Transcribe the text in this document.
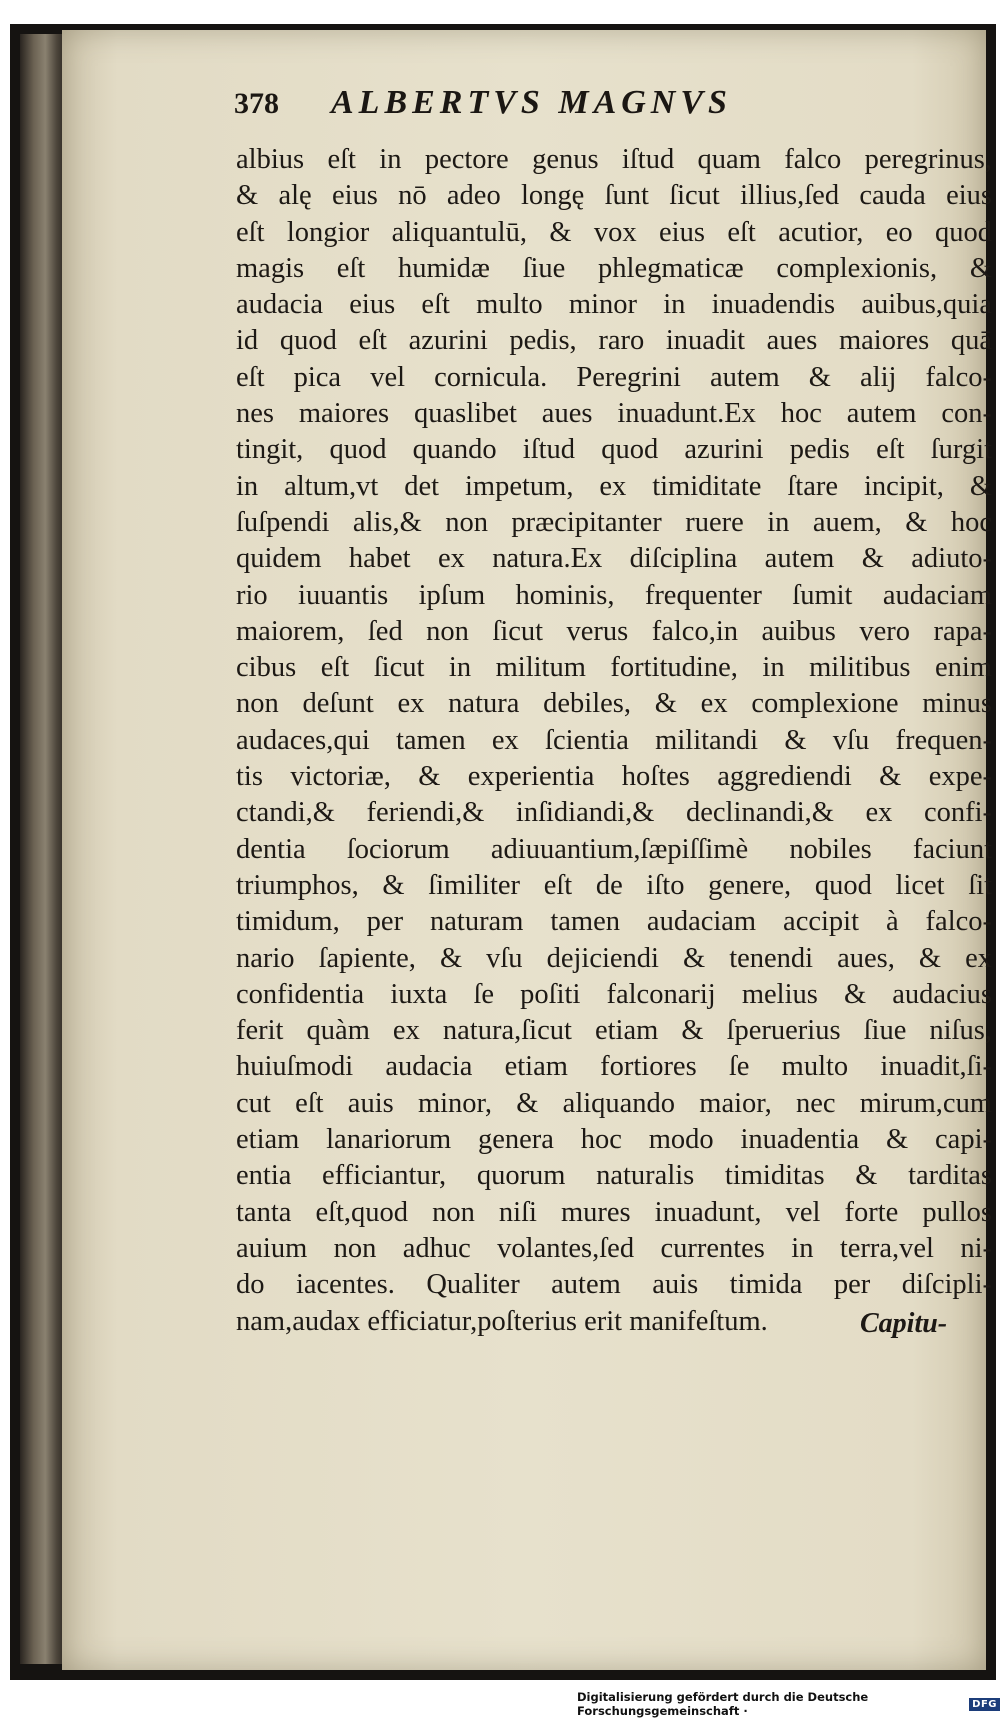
378 ALBERTVS MAGNVS
albius eſt in pectore genus iſtud quam falco peregrinus,
& alę eius nō adeo longę ſunt ſicut illius,ſed cauda eius
eſt longior aliquantulū, & vox eius eſt acutior, eo quod
magis eſt humidæ ſiue phlegmaticæ complexionis, &
audacia eius eſt multo minor in inuadendis auibus,quia
id quod eſt azurini pedis, raro inuadit aues maiores quā
eſt pica vel cornicula. Peregrini autem & alij falco-
nes maiores quaslibet aues inuadunt.Ex hoc autem con-
tingit, quod quando iſtud quod azurini pedis eſt ſurgit
in altum,vt det impetum, ex timiditate ſtare incipit, &
ſuſpendi alis,& non præcipitanter ruere in auem, & hoc
quidem habet ex natura.Ex diſciplina autem & adiuto-
rio iuuantis ipſum hominis, frequenter ſumit audaciam
maiorem, ſed non ſicut verus falco,in auibus vero rapa-
cibus eſt ſicut in militum fortitudine, in militibus enim
non deſunt ex natura debiles, & ex complexione minus
audaces,qui tamen ex ſcientia militandi & vſu frequen-
tis victoriæ, & experientia hoſtes aggrediendi & expe-
ctandi,& feriendi,& inſidiandi,& declinandi,& ex confi-
dentia ſociorum adiuuantium,ſæpiſſimè nobiles faciunt
triumphos, & ſimiliter eſt de iſto genere, quod licet ſit
timidum, per naturam tamen audaciam accipit à falco-
nario ſapiente, & vſu dejiciendi & tenendi aues, & ex
confidentia iuxta ſe poſiti falconarij melius & audacius
ferit quàm ex natura,ſicut etiam & ſperuerius ſiue niſus,
huiuſmodi audacia etiam fortiores ſe multo inuadit,ſi-
cut eſt auis minor, & aliquando maior, nec mirum,cum
etiam lanariorum genera hoc modo inuadentia & capi-
entia efficiantur, quorum naturalis timiditas & tarditas
tanta eſt,quod non niſi mures inuadunt, vel forte pullos
auium non adhuc volantes,ſed currentes in terra,vel ni-
do iacentes. Qualiter autem auis timida per diſcipli-
nam,audax efficiatur,poſterius erit manifeſtum.	Capitu-
Digitalisierung gefördert durch die Deutsche Forschungsgemeinschaft ·	DFG
